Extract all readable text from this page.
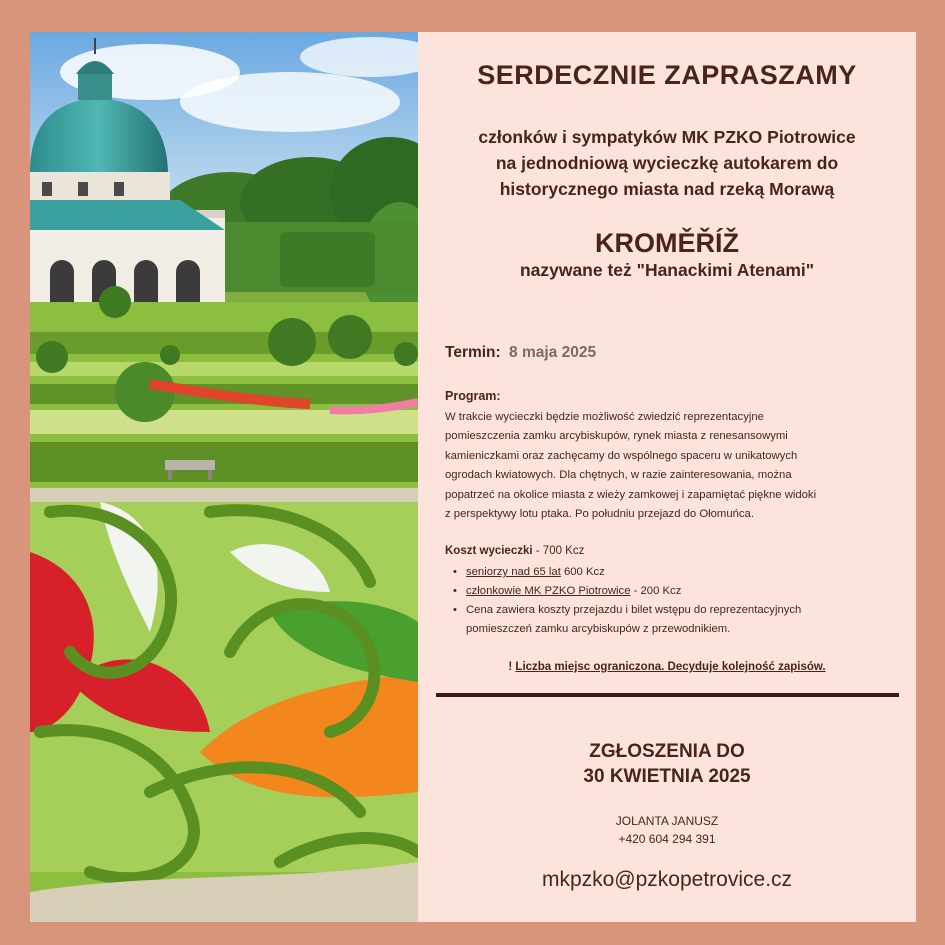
SERDECZNIE ZAPRASZAMY
członków i sympatyków MK PZKO Piotrowice
na jednodniową wycieczkę autokarem do
historycznego miasta nad rzeką Morawą
KROMĚŘÍŽ
nazywane też "Hanackimi Atenami"
Termin: 8 maja 2025
Program:
W trakcie wycieczki będzie możliwość zwiedzić reprezentacyjne
pomieszczenia zamku arcybiskupów, rynek miasta z renesansowymi
kamieniczkami oraz zachęcamy do wspólnego spaceru w unikatowych
ogrodach kwiatowych. Dla chętnych, w razie zainteresowania, można
popatrzeć na okolice miasta z wieży zamkowej i zapamiętać piękne widoki
z perspektywy lotu ptaka. Po południu przejazd do Ołomuńca.
Koszt wycieczki - 700 Kcz
• seniorzy nad 65 lat 600 Kcz
• członkowie MK PZKO Piotrowice - 200 Kcz
• Cena zawiera koszty przejazdu i bilet wstępu do reprezentacyjnych
pomieszczeń zamku arcybiskupów z przewodnikiem.
! Liczba miejsc ograniczona. Decyduje kolejność zapisów.
ZGŁOSZENIA DO
30 KWIETNIA 2025
JOLANTA JANUSZ
+420 604 294 391
mkpzko@pzkopetrovice.cz
